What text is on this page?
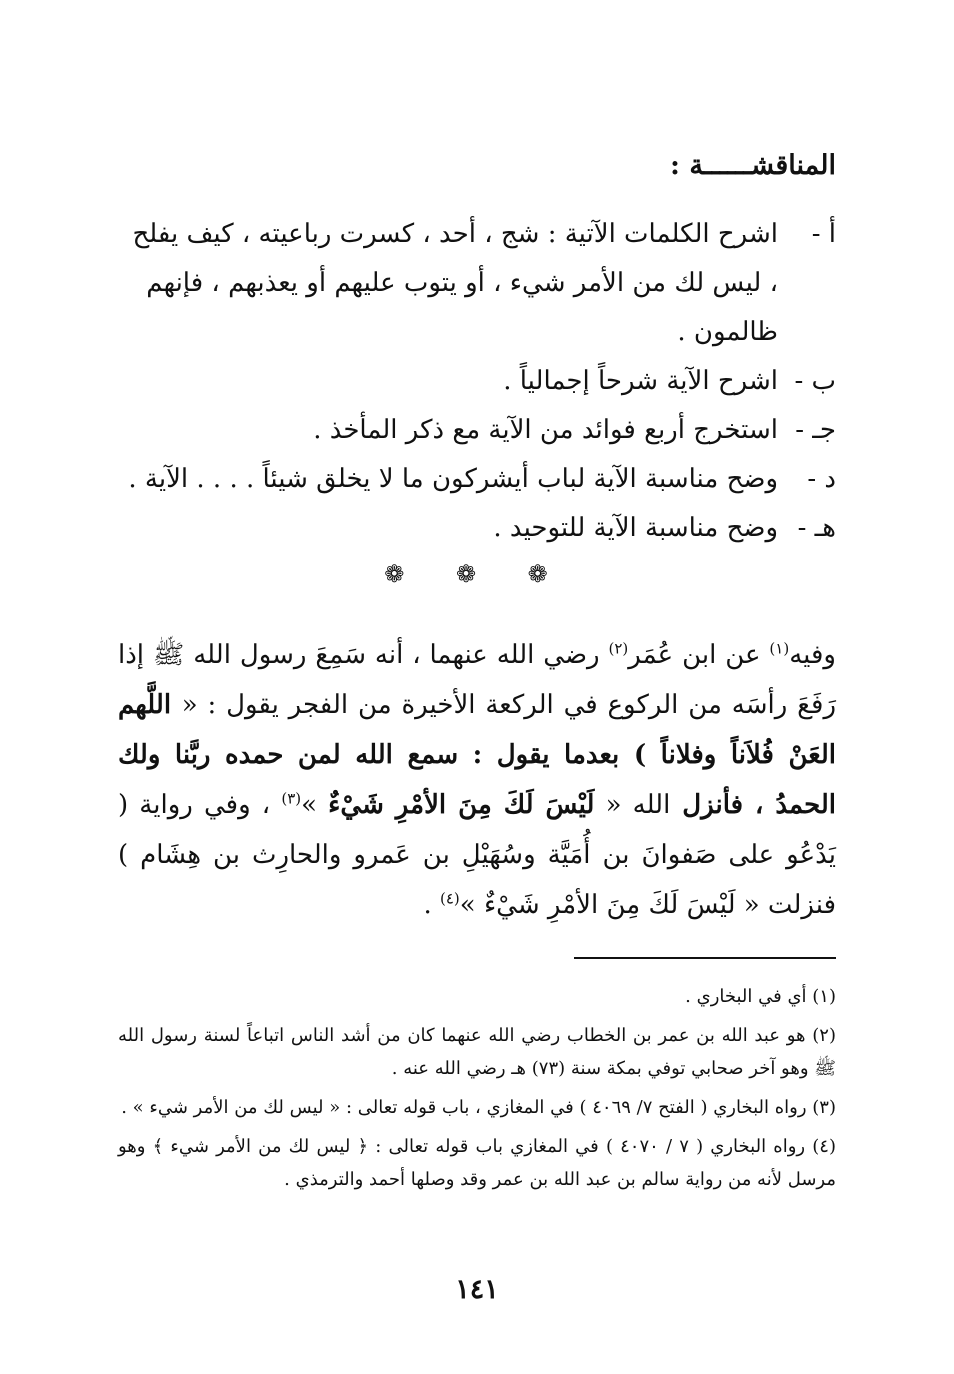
المناقشــــــة :
أ -
اشرح الكلمات الآتية : شج ، أحد ، كسرت رباعيته ، كيف يفلح ، ليس لك من الأمر شيء ، أو يتوب عليهم أو يعذبهم ، فإنهم ظالمون .
ب -
اشرح الآية شرحاً إجمالياً .
جـ -
استخرج أربع فوائد من الآية مع ذكر المأخذ .
د -
وضح مناسبة الآية لباب أيشركون ما لا يخلق شيئاً . . . . الآية .
هـ -
وضح مناسبة الآية للتوحيد .
❁ ❁ ❁
وفيه$^{(١)}$ عن ابن عُمَر$^{(٢)}$ رضي الله عنهما ، أنه سَمِعَ رسول الله ﷺ إذا رَفَعَ رأسَه من الركوع في الركعة الأخيرة من الفجر يقول : « اللَّهم العَنْ فُلاَناً وفلاناً ) بعدما يقول : سمع الله لمن حمده ربَّنا ولك الحمدُ ، فأنزل الله « لَيْسَ لَكَ مِنَ الأمْرِ شَيْءٌ »$^{(٣)}$ ، وفي رواية ( يَدْعُو على صَفوانَ بن أُمَيَّة وسُهَيْلِ بن عَمرو والحارِث بن هِشَام ) فنزلت « لَيْسَ لَكَ مِنَ الأمْرِ شَيْءٌ »$^{(٤)}$ .
(١) أي في البخاري .
(٢) هو عبد الله بن عمر بن الخطاب رضي الله عنهما كان من أشد الناس اتباعاً لسنة رسول الله ﷺ وهو آخر صحابي توفي بمكة سنة (٧٣) هـ رضي الله عنه .
(٣) رواه البخاري ( الفتح ٧/ ٤٠٦٩ ) في المغازي ، باب قوله تعالى : « ليس لك من الأمر شيء » .
(٤) رواه البخاري ( ٧ / ٤٠٧٠ ) في المغازي باب قوله تعالى : ﴿ ليس لك من الأمر شيء ﴾ وهو مرسل لأنه من رواية سالم بن عبد الله بن عمر وقد وصلها أحمد والترمذي .
١٤١
